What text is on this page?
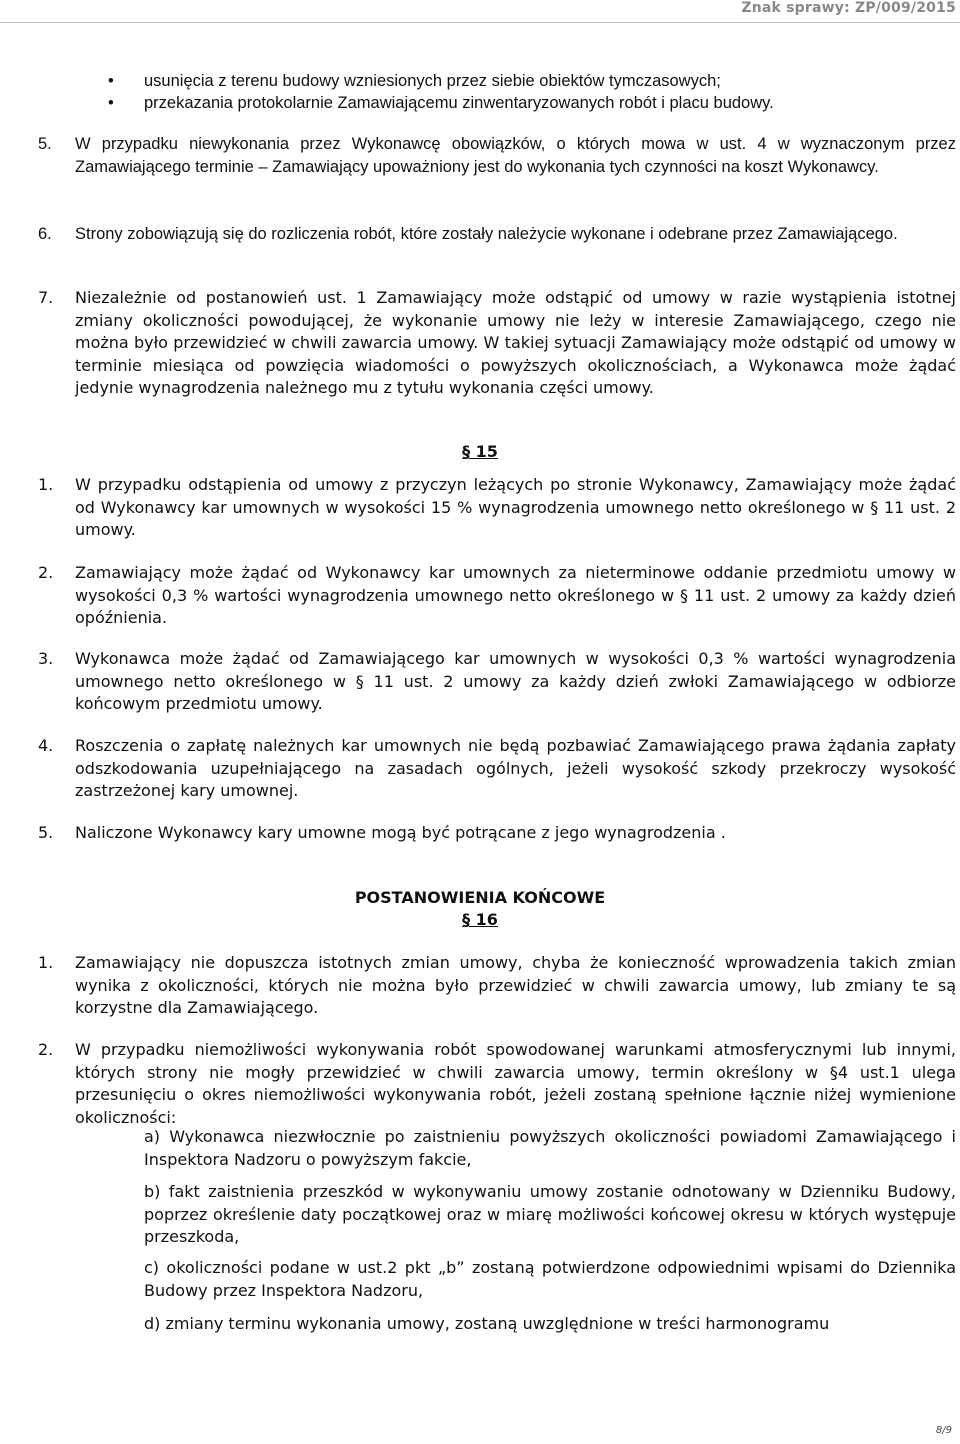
Znak sprawy: ZP/009/2015
• usunięcia z terenu budowy wzniesionych przez siebie obiektów tymczasowych;
• przekazania protokolarnie Zamawiającemu zinwentaryzowanych robót i placu budowy.
5. W przypadku niewykonania przez Wykonawcę obowiązków, o których mowa w ust. 4 w wyznaczonym przez Zamawiającego terminie – Zamawiający upoważniony jest do wykonania tych czynności na koszt Wykonawcy.
6. Strony zobowiązują się do rozliczenia robót, które zostały należycie wykonane i odebrane przez Zamawiającego.
7. Niezależnie od postanowień ust. 1 Zamawiający może odstąpić od umowy w razie wystąpienia istotnej zmiany okoliczności powodującej, że wykonanie umowy nie leży w interesie Zamawiającego, czego nie można było przewidzieć w chwili zawarcia umowy. W takiej sytuacji Zamawiający może odstąpić od umowy w terminie miesiąca od powzięcia wiadomości o powyższych okolicznościach, a Wykonawca może żądać jedynie wynagrodzenia należnego mu z tytułu wykonania części umowy.
§ 15
1. W przypadku odstąpienia od umowy z przyczyn leżących po stronie Wykonawcy, Zamawiający może żądać od Wykonawcy kar umownych w wysokości 15 % wynagrodzenia umownego netto określonego w § 11 ust. 2 umowy.
2. Zamawiający może żądać od Wykonawcy kar umownych za nieterminowe oddanie przedmiotu umowy w wysokości 0,3 % wartości wynagrodzenia umownego netto określonego w § 11 ust. 2 umowy za każdy dzień opóźnienia.
3. Wykonawca może żądać od Zamawiającego kar umownych w wysokości 0,3 % wartości wynagrodzenia umownego netto określonego w § 11 ust. 2 umowy za każdy dzień zwłoki Zamawiającego w odbiorze końcowym przedmiotu umowy.
4. Roszczenia o zapłatę należnych kar umownych nie będą pozbawiać Zamawiającego prawa żądania zapłaty odszkodowania uzupełniającego na zasadach ogólnych, jeżeli wysokość szkody przekroczy wysokość zastrzeżonej kary umownej.
5. Naliczone Wykonawcy kary umowne mogą być potrącane z jego wynagrodzenia .
POSTANOWIENIA KOŃCOWE
§ 16
1. Zamawiający nie dopuszcza istotnych zmian umowy, chyba że konieczność wprowadzenia takich zmian wynika z okoliczności, których nie można było przewidzieć w chwili zawarcia umowy, lub zmiany te są korzystne dla Zamawiającego.
2. W przypadku niemożliwości wykonywania robót spowodowanej warunkami atmosferycznymi lub innymi, których strony nie mogły przewidzieć w chwili zawarcia umowy, termin określony w §4 ust.1 ulega przesunięciu o okres niemożliwości wykonywania robót, jeżeli zostaną spełnione łącznie niżej wymienione okoliczności:
a) Wykonawca niezwłocznie po zaistnieniu powyższych okoliczności powiadomi Zamawiającego i Inspektora Nadzoru o powyższym fakcie,
b) fakt zaistnienia przeszkód w wykonywaniu umowy zostanie odnotowany w Dzienniku Budowy, poprzez określenie daty początkowej oraz w miarę możliwości końcowej okresu w których występuje przeszkoda,
c) okoliczności podane w ust.2 pkt „b” zostaną potwierdzone odpowiednimi wpisami do Dziennika Budowy przez Inspektora Nadzoru,
d) zmiany terminu wykonania umowy, zostaną uwzględnione w treści harmonogramu
8/9
